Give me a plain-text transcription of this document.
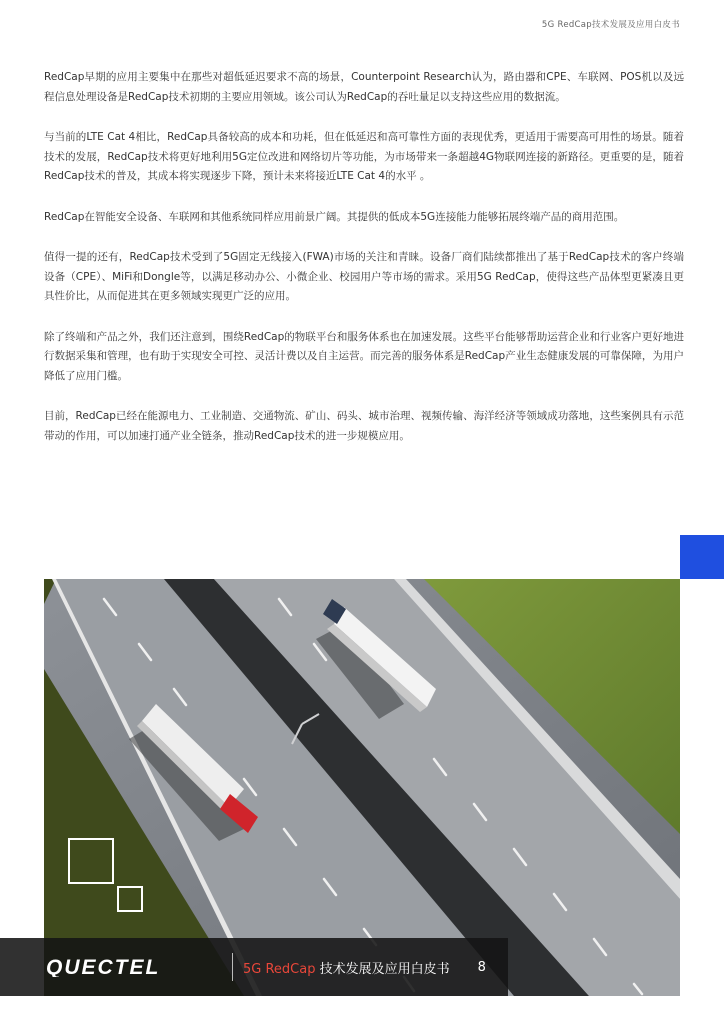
5G RedCap技术发展及应用白皮书

RedCap早期的应用主要集中在那些对超低延迟要求不高的场景，Counterpoint Research认为，路由器和CPE、车联网、POS机以及远程信息处理设备是RedCap技术初期的主要应用领域。该公司认为RedCap的吞吐量足以支持这些应用的数据流。

与当前的LTE Cat 4相比，RedCap具备较高的成本和功耗，但在低延迟和高可靠性方面的表现优秀，更适用于需要高可用性的场景。随着技术的发展，RedCap技术将更好地利用5G定位改进和网络切片等功能，为市场带来一条超越4G物联网连接的新路径。更重要的是，随着RedCap技术的普及，其成本将实现逐步下降，预计未来将接近LTE Cat 4的水平 。

RedCap在智能安全设备、车联网和其他系统同样应用前景广阔。其提供的低成本5G连接能力能够拓展终端产品的商用范围。

值得一提的还有，RedCap技术受到了5G固定无线接入(FWA)市场的关注和青睐。设备厂商们陆续都推出了基于RedCap技术的客户终端设备（CPE）、MiFi和Dongle等，以满足移动办公、小微企业、校园用户等市场的需求。采用5G RedCap，使得这些产品体型更紧凑且更具性价比，从而促进其在更多领域实现更广泛的应用。

除了终端和产品之外，我们还注意到，围绕RedCap的物联平台和服务体系也在加速发展。这些平台能够帮助运营企业和行业客户更好地进行数据采集和管理，也有助于实现安全可控、灵活计费以及自主运营。而完善的服务体系是RedCap产业生态健康发展的可靠保障，为用户降低了应用门槛。

目前，RedCap已经在能源电力、工业制造、交通物流、矿山、码头、城市治理、视频传输、海洋经济等领域成功落地，这些案例具有示范带动的作用，可以加速打通产业全链条，推动RedCap技术的进一步规模应用。

QUECTEL	5G RedCap 技术发展及应用白皮书 8
